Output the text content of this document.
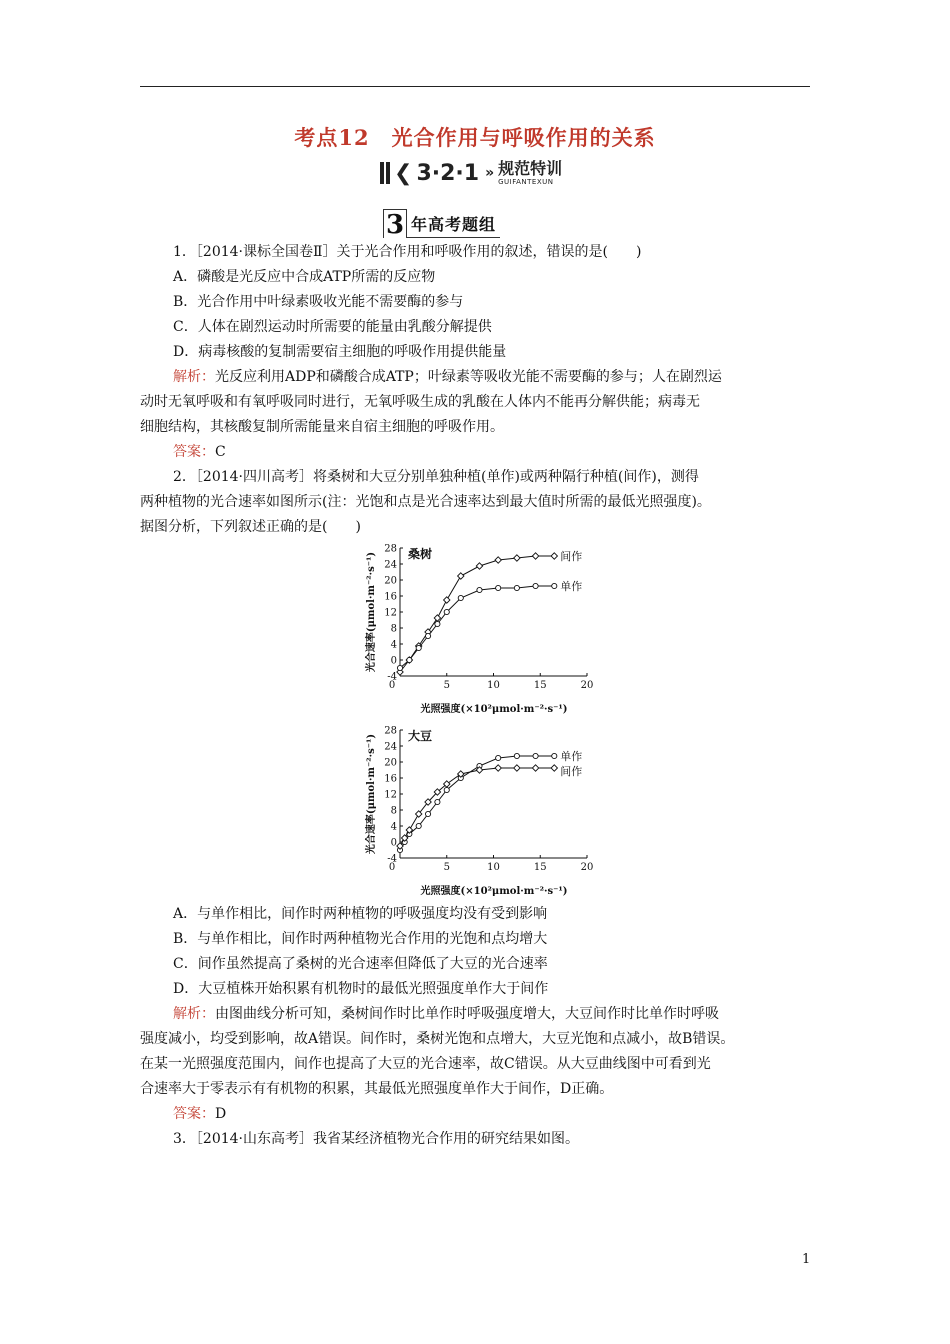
考点12　光合作用与呼吸作用的关系
❮ 3·2·1 » 规范特训
GUIFANTEXUN
3 年高考题组

1．［2014·课标全国卷Ⅱ］关于光合作用和呼吸作用的叙述，错误的是(　　)

A．磷酸是光反应中合成ATP所需的反应物

B．光合作用中叶绿素吸收光能不需要酶的参与

C．人体在剧烈运动时所需要的能量由乳酸分解提供

D．病毒核酸的复制需要宿主细胞的呼吸作用提供能量

解析：光反应利用ADP和磷酸合成ATP；叶绿素等吸收光能不需要酶的参与；人在剧烈运

动时无氧呼吸和有氧呼吸同时进行，无氧呼吸生成的乳酸在人体内不能再分解供能；病毒无

细胞结构，其核酸复制所需能量来自宿主细胞的呼吸作用。

答案：C

2．［2014·四川高考］将桑树和大豆分别单独种植(单作)或两种隔行种植(间作)，测得

两种植物的光合速率如图所示(注：光饱和点是光合速率达到最大值时所需的最低光照强度)。

据图分析，下列叙述正确的是(　　)

-4
0
4
8
12
16
20
24
28
0	5	10	15	20
桑树
光照强度(×10²μmol·m⁻²·s⁻¹)
光合速率(μmol·m⁻²·s⁻¹)	间作
单作
-4
0
4
8
12
16
20
24
28
0	5	10	15	20
大豆
光照强度(×10²μmol·m⁻²·s⁻¹)
光合速率(μmol·m⁻²·s⁻¹)	单作
间作

A．与单作相比，间作时两种植物的呼吸强度均没有受到影响

B．与单作相比，间作时两种植物光合作用的光饱和点均增大

C．间作虽然提高了桑树的光合速率但降低了大豆的光合速率

D．大豆植株开始积累有机物时的最低光照强度单作大于间作

解析：由图曲线分析可知，桑树间作时比单作时呼吸强度增大，大豆间作时比单作时呼吸

强度减小，均受到影响，故A错误。间作时，桑树光饱和点增大，大豆光饱和点减小，故B错误。

在某一光照强度范围内，间作也提高了大豆的光合速率，故C错误。从大豆曲线图中可看到光

合速率大于零表示有有机物的积累，其最低光照强度单作大于间作，D正确。

答案：D

3．［2014·山东高考］我省某经济植物光合作用的研究结果如图。

1
